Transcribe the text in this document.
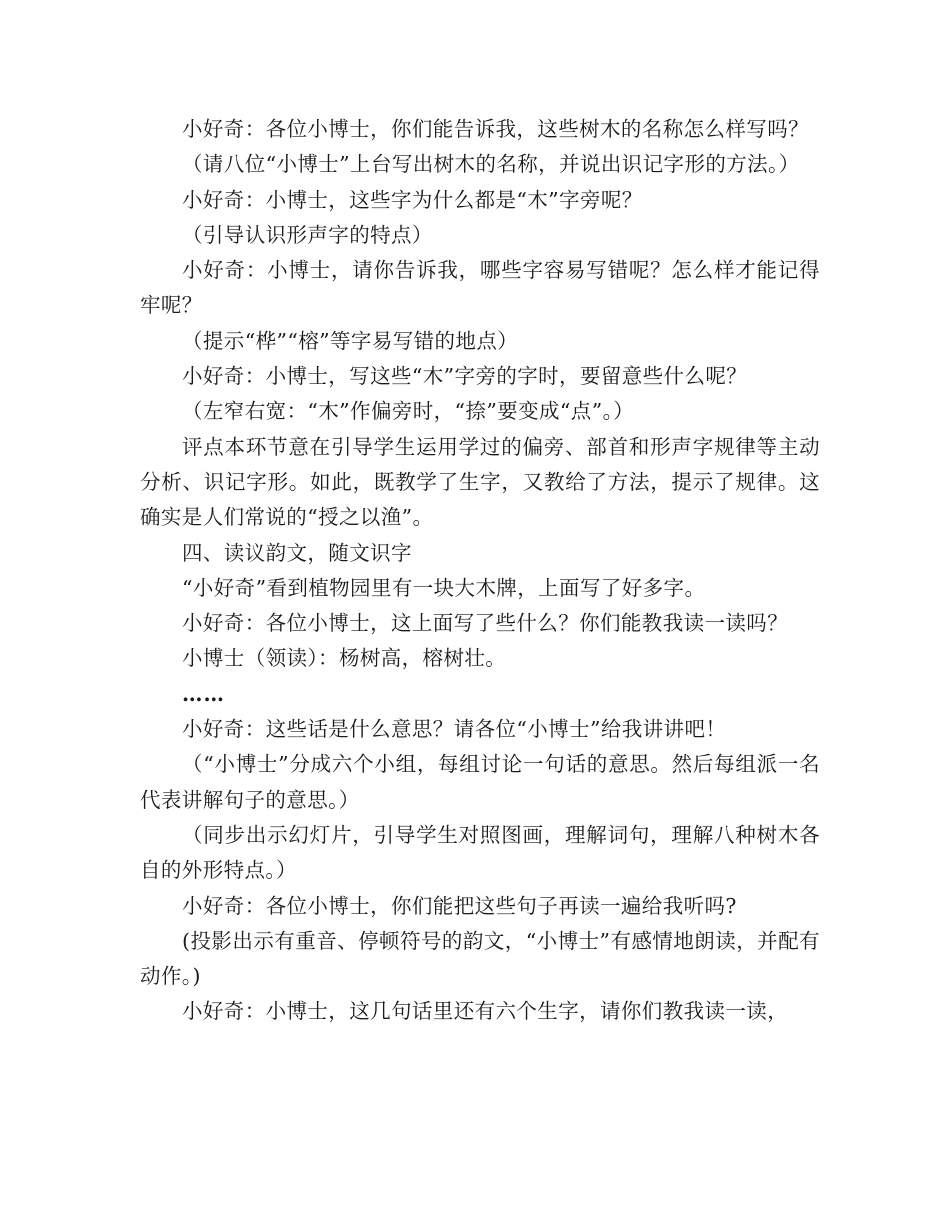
小好奇：各位小博士，你们能告诉我，这些树木的名称怎么样写吗？

（请八位“小博士”上台写出树木的名称，并说出识记字形的方法。）

小好奇：小博士，这些字为什么都是“木”字旁呢？

（引导认识形声字的特点）

小好奇：小博士，请你告诉我，哪些字容易写错呢？怎么样才能记得牢呢？

（提示“桦”“榕”等字易写错的地点）

小好奇：小博士，写这些“木”字旁的字时，要留意些什么呢？

（左窄右宽：“木”作偏旁时，“捺”要变成“点”。）

评点本环节意在引导学生运用学过的偏旁、部首和形声字规律等主动分析、识记字形。如此，既教学了生字，又教给了方法，提示了规律。这确实是人们常说的“授之以渔”。

四、读议韵文，随文识字

“小好奇”看到植物园里有一块大木牌，上面写了好多字。

小好奇：各位小博士，这上面写了些什么？你们能教我读一读吗？

小博士（领读）：杨树高，榕树壮。

……

小好奇：这些话是什么意思？请各位“小博士”给我讲讲吧！

（“小博士”分成六个小组，每组讨论一句话的意思。然后每组派一名代表讲解句子的意思。）

（同步出示幻灯片，引导学生对照图画，理解词句，理解八种树木各自的外形特点。）

小好奇：各位小博士，你们能把这些句子再读一遍给我听吗?

(投影出示有重音、停顿符号的韵文，“小博士”有感情地朗读，并配有动作。)

小好奇：小博士，这几句话里还有六个生字，请你们教我读一读，
